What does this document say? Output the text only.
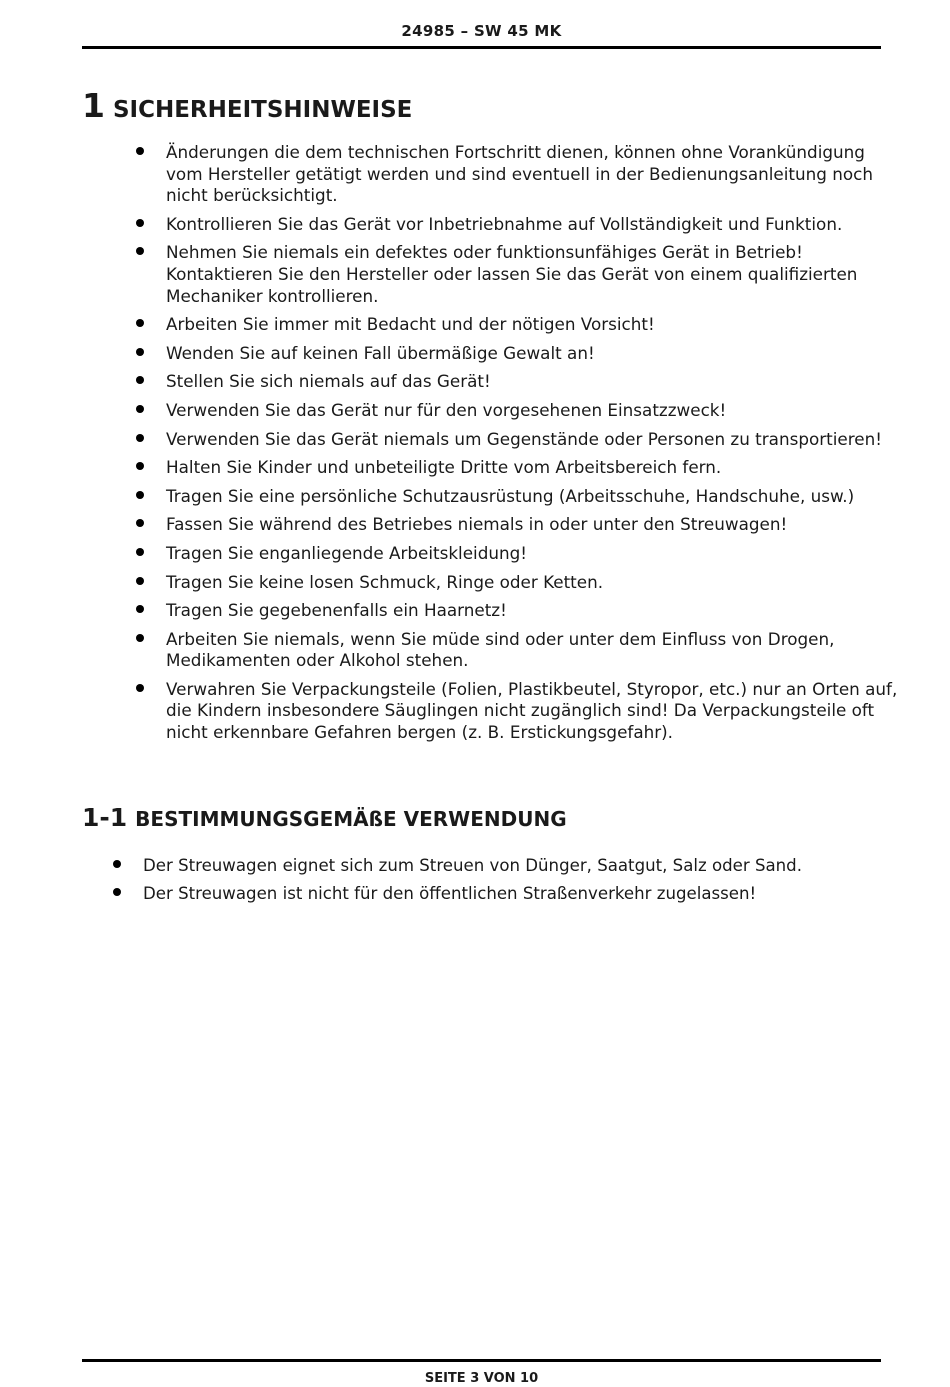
24985 – SW 45 MK
1 SICHERHEITSHINWEISE
Änderungen die dem technischen Fortschritt dienen, können ohne Vorankündigung vom Hersteller getätigt werden und sind eventuell in der Bedienungsanleitung noch nicht berücksichtigt.
Kontrollieren Sie das Gerät vor Inbetriebnahme auf Vollständigkeit und Funktion.
Nehmen Sie niemals ein defektes oder funktionsunfähiges Gerät in Betrieb! Kontaktieren Sie den Hersteller oder lassen Sie das Gerät von einem qualifizierten Mechaniker kontrollieren.
Arbeiten Sie immer mit Bedacht und der nötigen Vorsicht!
Wenden Sie auf keinen Fall übermäßige Gewalt an!
Stellen Sie sich niemals auf das Gerät!
Verwenden Sie das Gerät nur für den vorgesehenen Einsatzzweck!
Verwenden Sie das Gerät niemals um Gegenstände oder Personen zu transportieren!
Halten Sie Kinder und unbeteiligte Dritte vom Arbeitsbereich fern.
Tragen Sie eine persönliche Schutzausrüstung (Arbeitsschuhe, Handschuhe, usw.)
Fassen Sie während des Betriebes niemals in oder unter den Streuwagen!
Tragen Sie enganliegende Arbeitskleidung!
Tragen Sie keine losen Schmuck, Ringe oder Ketten.
Tragen Sie gegebenenfalls ein Haarnetz!
Arbeiten Sie niemals, wenn Sie müde sind oder unter dem Einfluss von Drogen, Medikamenten oder Alkohol stehen.
Verwahren Sie Verpackungsteile (Folien, Plastikbeutel, Styropor, etc.) nur an Orten auf, die Kindern insbesondere Säuglingen nicht zugänglich sind! Da Verpackungsteile oft nicht erkennbare Gefahren bergen (z. B. Erstickungsgefahr).
1-1 BESTIMMUNGSGEMÄßE VERWENDUNG
Der Streuwagen eignet sich zum Streuen von Dünger, Saatgut, Salz oder Sand.
Der Streuwagen ist nicht für den öffentlichen Straßenverkehr zugelassen!
SEITE 3 VON 10
